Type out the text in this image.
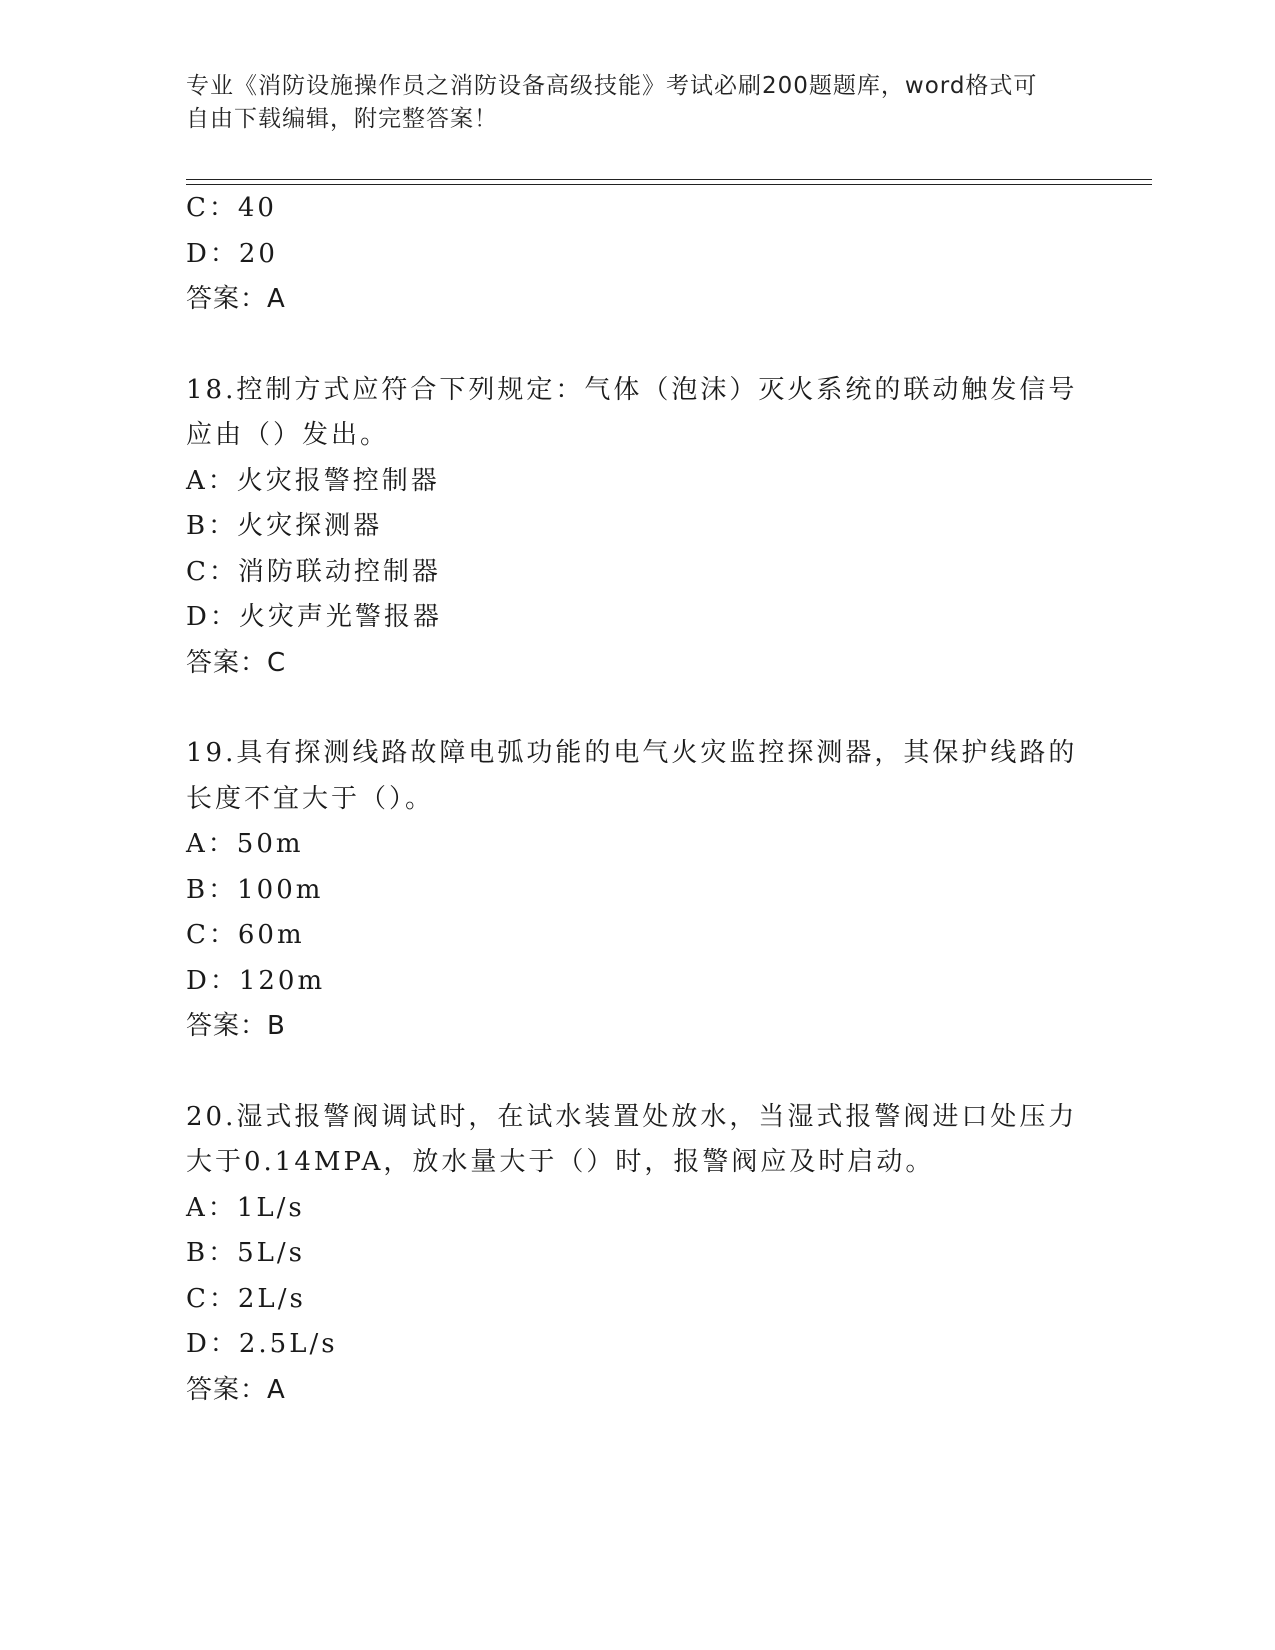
专业《消防设施操作员之消防设备高级技能》考试必刷200题题库，word格式可
自由下载编辑，附完整答案！
C：40
D：20
答案：A
18.控制方式应符合下列规定：气体（泡沫）灭火系统的联动触发信号
应由（）发出。
A：火灾报警控制器
B：火灾探测器
C：消防联动控制器
D：火灾声光警报器
答案：C
19.具有探测线路故障电弧功能的电气火灾监控探测器，其保护线路的
长度不宜大于（）。
A：50m
B：100m
C：60m
D：120m
答案：B
20.湿式报警阀调试时，在试水装置处放水，当湿式报警阀进口处压力
大于0.14MPA，放水量大于（）时，报警阀应及时启动。
A：1L/s
B：5L/s
C：2L/s
D：2.5L/s
答案：A
